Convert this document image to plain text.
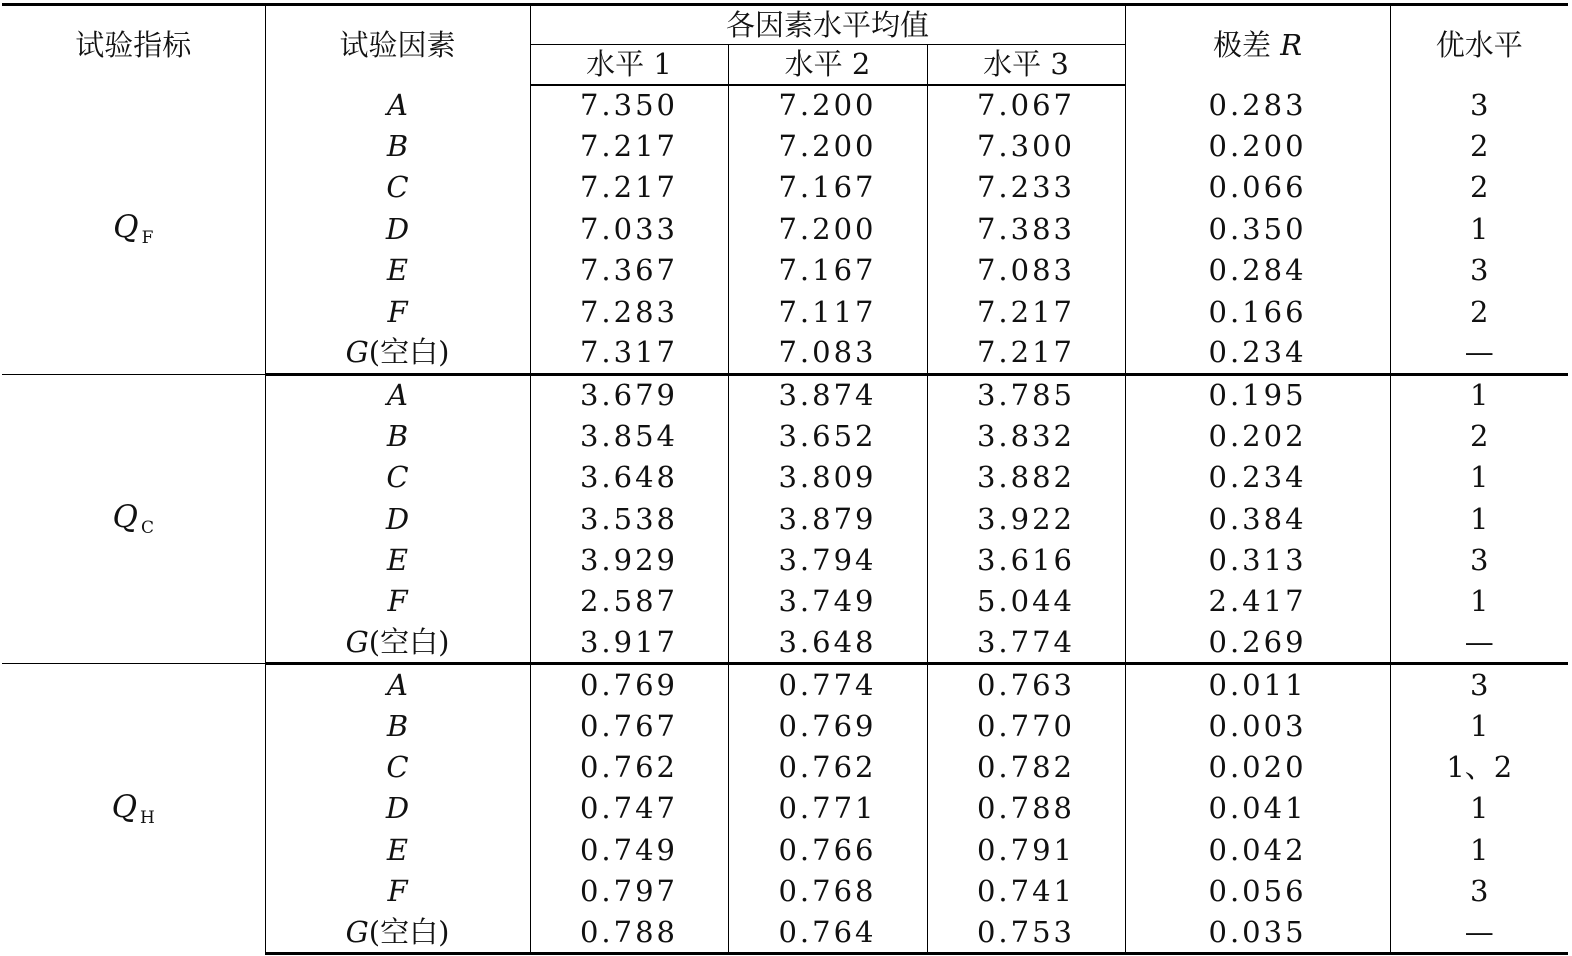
试验指标	试验因素	各因素水平均值			极差 R	优水平
		水平 1	水平 2	水平 3		
Q $_F$	A	7.350	7.200	7.067	0.283	3
	B	7.217	7.200	7.300	0.200	2
	C	7.217	7.167	7.233	0.066	2
	D	7.033	7.200	7.383	0.350	1
	E	7.367	7.167	7.083	0.284	3
	F	7.283	7.117	7.217	0.166	2
	G(空白)	7.317	7.083	7.217	0.234	—
Q $_C$	A	3.679	3.874	3.785	0.195	1
	B	3.854	3.652	3.832	0.202	2
	C	3.648	3.809	3.882	0.234	1
	D	3.538	3.879	3.922	0.384	1
	E	3.929	3.794	3.616	0.313	3
	F	2.587	3.749	5.044	2.417	1
	G(空白)	3.917	3.648	3.774	0.269	—
Q $_H$	A	0.769	0.774	0.763	0.011	3
	B	0.767	0.769	0.770	0.003	1
	C	0.762	0.762	0.782	0.020	1、2
	D	0.747	0.771	0.788	0.041	1
	E	0.749	0.766	0.791	0.042	1
	F	0.797	0.768	0.741	0.056	3
	G(空白)	0.788	0.764	0.753	0.035	—
